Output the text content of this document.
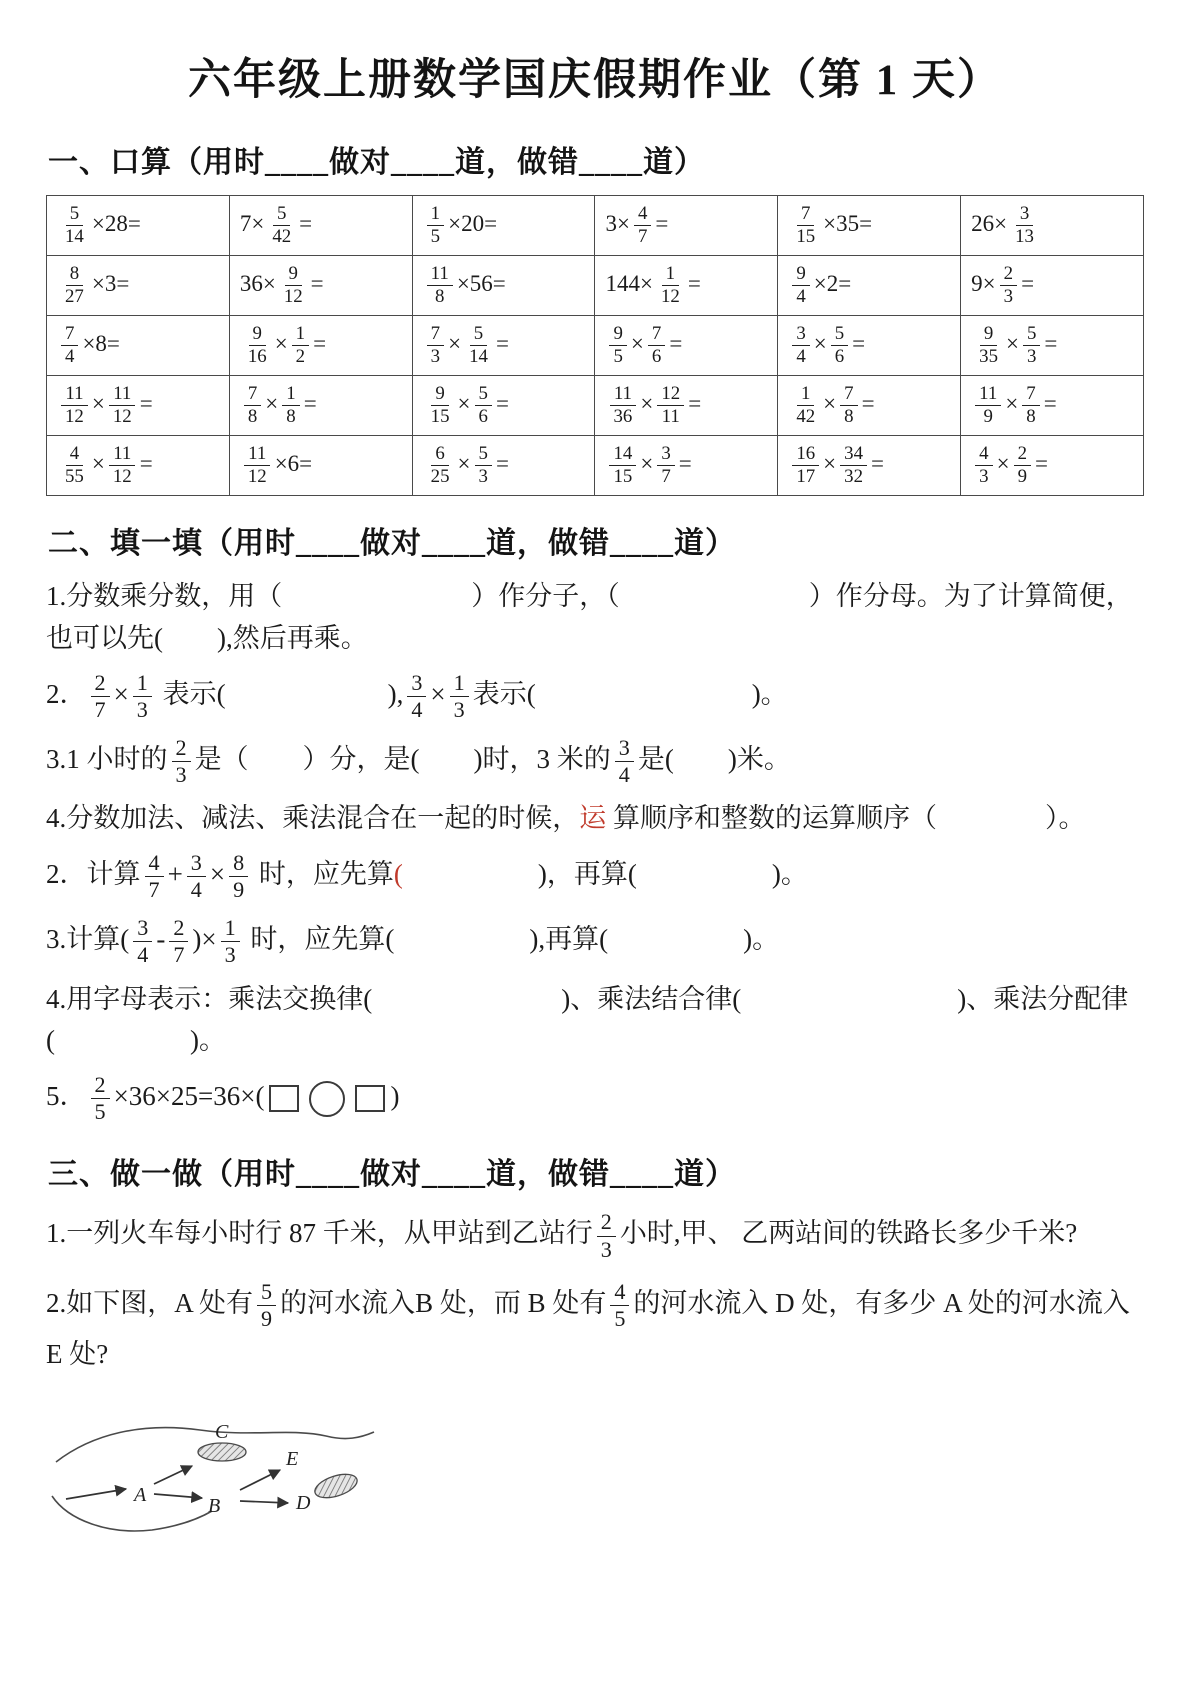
六年级上册数学国庆假期作业（第 1 天）
一、口算（用时____做对____道，做错____道）
$\frac{5}{14} \times 28=$	$7\times \frac{5}{42}$ =	$\frac{1}{5} \times 20=$	$3\times \frac{4}{7}$ =	$\frac{7}{15} \times 35=$	$26\times \frac{3}{13}$

$\frac{8}{27} \times 3=$	$36\times \frac{9}{12}$ =	$\frac{11}{8} \times 56=$	$144\times \frac{1}{12}$ =	$\frac{9}{4} \times 2=$	$9\times \frac{2}{3}$ =

$\frac{7}{4} \times 8=$	$\frac{9}{16} \times \frac{1}{2}$ =	$\frac{7}{3} \times \frac{5}{14}$ =	$\frac{9}{5} \times \frac{7}{6}$ =	$\frac{3}{4} \times \frac{5}{6}$ =	$\frac{9}{35} \times \frac{5}{3}$ =

$\frac{11}{12} \times \frac{11}{12}$ =	$\frac{7}{8} \times \frac{1}{8}$ =	$\frac{9}{15} \times \frac{5}{6}$ =	$\frac{11}{36} \times \frac{12}{11}$ =	$\frac{1}{42} \times \frac{7}{8}$ =	$\frac{11}{9} \times \frac{7}{8}$ =

$\frac{4}{55} \times \frac{11}{12}$ =	$\frac{11}{12} \times 6=$	$\frac{6}{25} \times \frac{5}{3}$ =	$\frac{14}{15} \times \frac{3}{7}$ =	$\frac{16}{17} \times \frac{34}{32}$ =	$\frac{4}{3} \times \frac{2}{9}$ =
二、填一填（用时____做对____道，做错____道）

1.分数乘分数，用（　　　　　　　）作分子，（　　　　　　　）作分母。为了计算简便，也可以先(　　),然后再乘。

2． $\frac{2}{7} \times \frac{1}{3}$ 表示(　　　　　　), $\frac{3}{4} \times \frac{1}{3}$ 表示(　　　　　　　　)。

3.1 小时的 $\frac{2}{3}$ 是（　　）分，是(　　)时，3 米的 $\frac{3}{4}$ 是(　　)米。

4.分数加法、减法、乘法混合在一起的时候，运 算顺序和整数的运算顺序（　　　　）。

2．计算 $\frac{4}{7} + \frac{3}{4} \times \frac{8}{9}$ 时，应先算(　　　　　)，再算(　　　　　)。

3.计算( $\frac{3}{4} - \frac{2}{7}$ )× $\frac{1}{3}$ 时，应先算(　　　　　),再算(　　　　　)。

4.用字母表示：乘法交换律(　　　　　　　)、乘法结合律(　　　　　　　　)、乘法分配律(　　　　　)。

5． $\frac{2}{5} \times 36\times 25=36\times$(	)

三、做一做（用时____做对____道，做错____道）

1.一列火车每小时行 87 千米，从甲站到乙站行 $\frac{2}{3}$ 小时,甲、 乙两站间的铁路长多少千米?

2.如下图，A 处有 $\frac{5}{9}$ 的河水流入B 处，而 B 处有 $\frac{4}{5}$ 的河水流入 D 处，有多少 A 处的河水流入 E 处?

A	B
C
D
E
